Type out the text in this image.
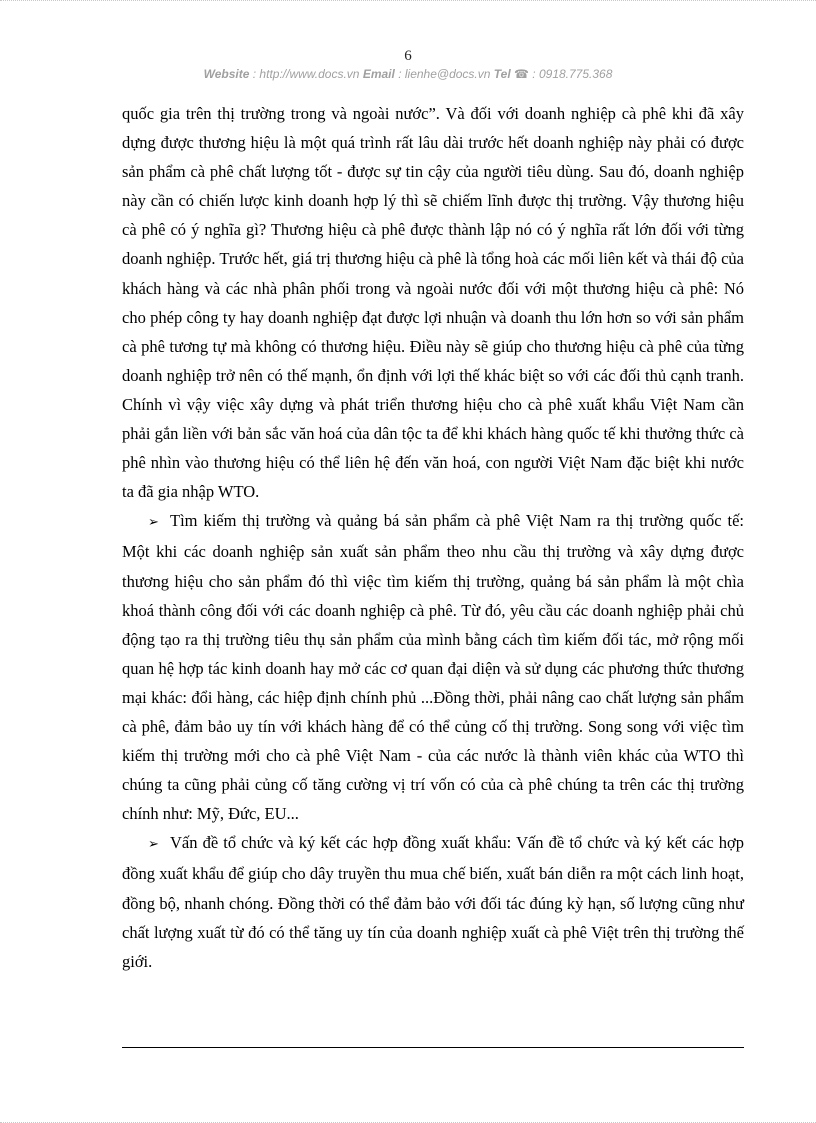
6
Website : http://www.docs.vn Email : lienhe@docs.vn Tel ☎ : 0918.775.368

quốc gia trên thị trường trong và ngoài nước”. Và đối với doanh nghiệp cà phê khi đã xây dựng được thương hiệu là một quá trình rất lâu dài trước hết doanh nghiệp này phải có được sản phẩm cà phê chất lượng tốt - được sự tin cậy của người tiêu dùng. Sau đó, doanh nghiệp này cần có chiến lược kinh doanh hợp lý thì sẽ chiếm lĩnh được thị trường. Vậy thương hiệu cà phê có ý nghĩa gì? Thương hiệu cà phê được thành lập nó có ý nghĩa rất lớn đối với từng doanh nghiệp. Trước hết, giá trị thương hiệu cà phê là tổng hoà các mối liên kết và thái độ của khách hàng và các nhà phân phối trong và ngoài nước đối với một thương hiệu cà phê: Nó cho phép công ty hay doanh nghiệp đạt được lợi nhuận và doanh thu lớn hơn so với sản phẩm cà phê tương tự mà không có thương hiệu. Điều này sẽ giúp cho thương hiệu cà phê của từng doanh nghiệp trở nên có thế mạnh, ổn định với lợi thế khác biệt so với các đối thủ cạnh tranh. Chính vì vậy việc xây dựng và phát triển thương hiệu cho cà phê xuất khẩu Việt Nam cần phải gắn liền với bản sắc văn hoá của dân tộc ta để khi khách hàng quốc tế khi thưởng thức cà phê nhìn vào thương hiệu có thể liên hệ đến văn hoá, con người Việt Nam đặc biệt khi nước ta đã gia nhập WTO.

➢ Tìm kiếm thị trường và quảng bá sản phẩm cà phê Việt Nam ra thị trường quốc tế: Một khi các doanh nghiệp sản xuất sản phẩm theo nhu cầu thị trường và xây dựng được thương hiệu cho sản phẩm đó thì việc tìm kiếm thị trường, quảng bá sản phẩm là một chìa khoá thành công đối với các doanh nghiệp cà phê. Từ đó, yêu cầu các doanh nghiệp phải chủ động tạo ra thị trường tiêu thụ sản phẩm của mình bằng cách tìm kiếm đối tác, mở rộng mối quan hệ hợp tác kinh doanh hay mở các cơ quan đại diện và sử dụng các phương thức thương mại khác: đổi hàng, các hiệp định chính phủ ...Đồng thời, phải nâng cao chất lượng sản phẩm cà phê, đảm bảo uy tín với khách hàng để có thể củng cố thị trường. Song song với việc tìm kiếm thị trường mới cho cà phê Việt Nam - của các nước là thành viên khác của WTO thì chúng ta cũng phải củng cố tăng cường vị trí vốn có của cà phê chúng ta trên các thị trường chính như: Mỹ, Đức, EU...

➢ Vấn đề tổ chức và ký kết các hợp đồng xuất khẩu: Vấn đề tổ chức và ký kết các hợp đồng xuất khẩu để giúp cho dây truyền thu mua chế biến, xuất bán diễn ra một cách linh hoạt, đồng bộ, nhanh chóng. Đồng thời có thể đảm bảo với đối tác đúng kỳ hạn, số lượng cũng như chất lượng xuất từ đó có thể tăng uy tín của doanh nghiệp xuất cà phê Việt trên thị trường thế giới.
